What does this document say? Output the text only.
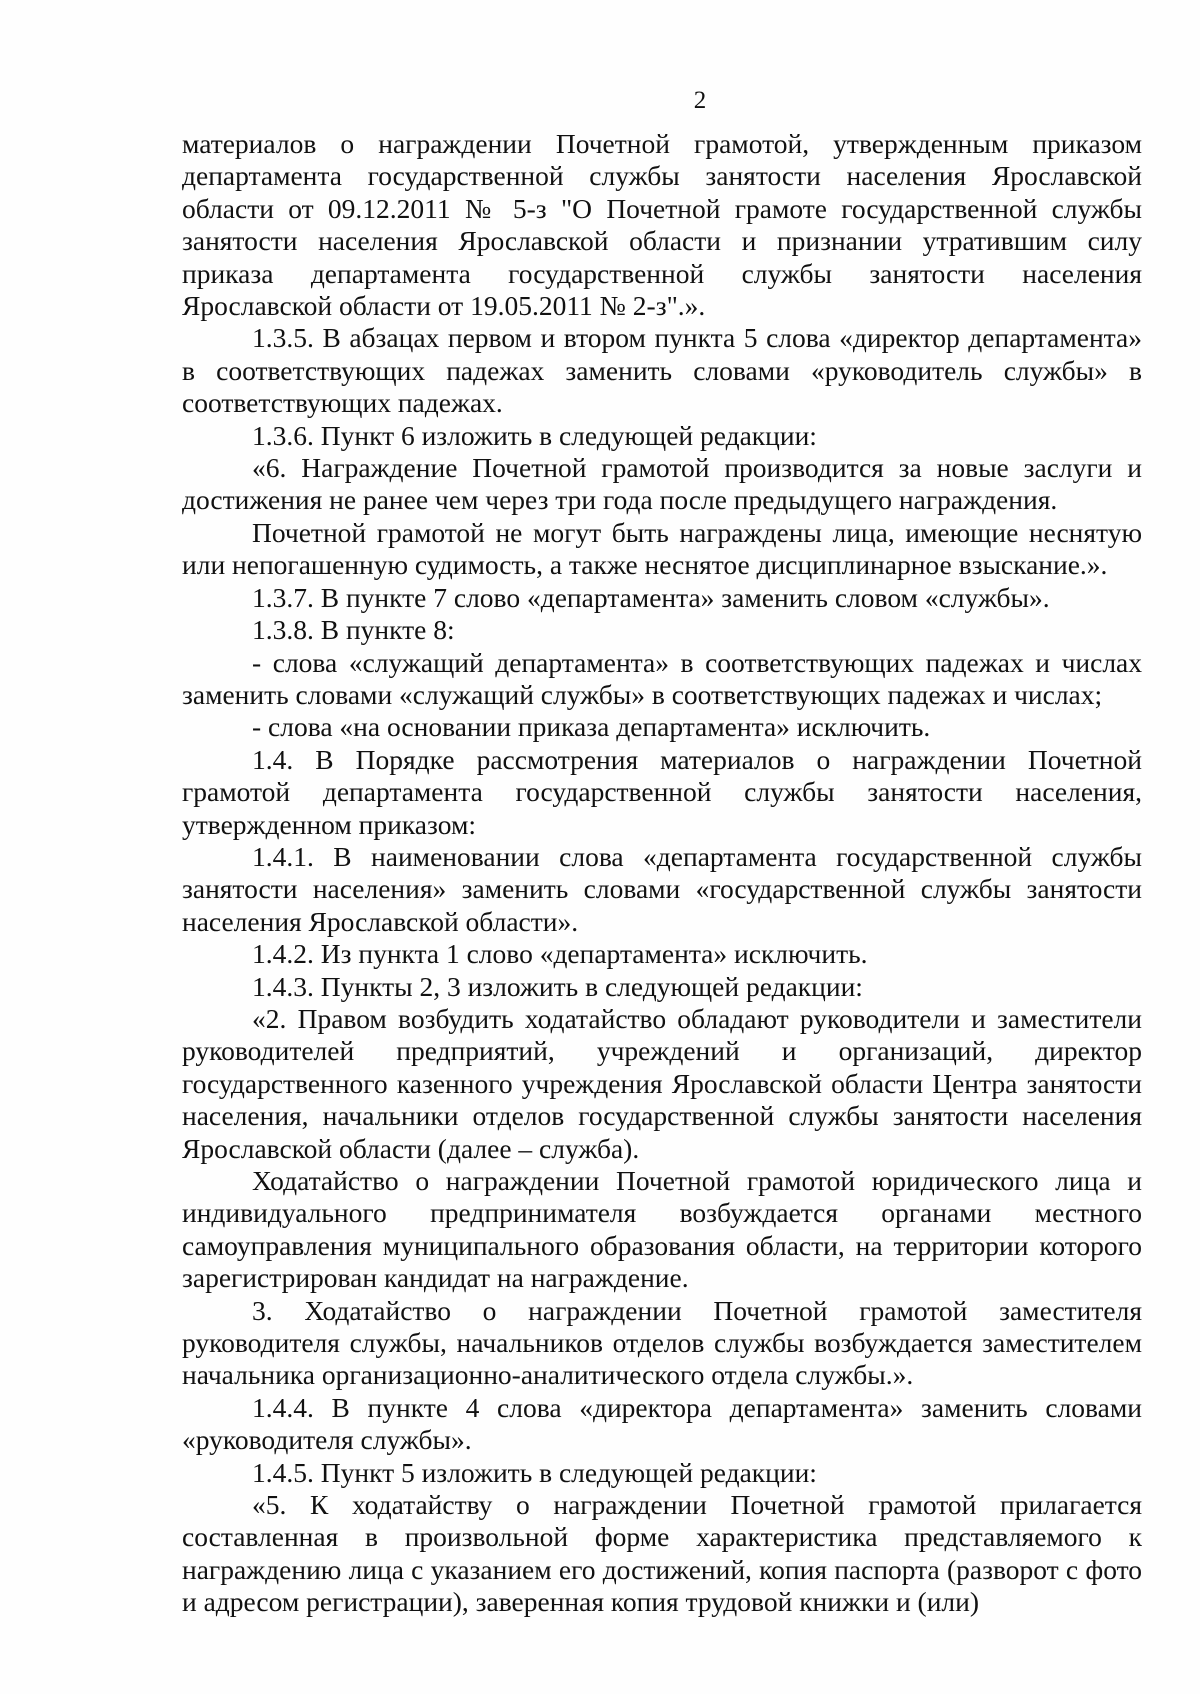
2

материалов о награждении Почетной грамотой, утвержденным приказом департамента государственной службы занятости населения Ярославской области от 09.12.2011 № 5-з "О Почетной грамоте государственной службы занятости населения Ярославской области и признании утратившим силу приказа департамента государственной службы занятости населения Ярославской области от 19.05.2011 № 2-з".».

1.3.5. В абзацах первом и втором пункта 5 слова «директор департамента» в соответствующих падежах заменить словами «руководитель службы» в соответствующих падежах.

1.3.6. Пункт 6 изложить в следующей редакции:

«6. Награждение Почетной грамотой производится за новые заслуги и достижения не ранее чем через три года после предыдущего награждения.

Почетной грамотой не могут быть награждены лица, имеющие неснятую или непогашенную судимость, а также неснятое дисциплинарное взыскание.».

1.3.7. В пункте 7 слово «департамента» заменить словом «службы».

1.3.8. В пункте 8:

- слова «служащий департамента» в соответствующих падежах и числах заменить словами «служащий службы» в соответствующих падежах и числах;

- слова «на основании приказа департамента» исключить.

1.4. В Порядке рассмотрения материалов о награждении Почетной грамотой департамента государственной службы занятости населения, утвержденном приказом:

1.4.1. В наименовании слова «департамента государственной службы занятости населения» заменить словами «государственной службы занятости населения Ярославской области».

1.4.2. Из пункта 1 слово «департамента» исключить.

1.4.3. Пункты 2, 3 изложить в следующей редакции:

«2. Правом возбудить ходатайство обладают руководители и заместители руководителей предприятий, учреждений и организаций, директор государственного казенного учреждения Ярославской области Центра занятости населения, начальники отделов государственной службы занятости населения Ярославской области (далее – служба).

Ходатайство о награждении Почетной грамотой юридического лица и индивидуального предпринимателя возбуждается органами местного самоуправления муниципального образования области, на территории которого зарегистрирован кандидат на награждение.

3. Ходатайство о награждении Почетной грамотой заместителя руководителя службы, начальников отделов службы возбуждается заместителем начальника организационно-аналитического отдела службы.».

1.4.4. В пункте 4 слова «директора департамента» заменить словами «руководителя службы».

1.4.5. Пункт 5 изложить в следующей редакции:

«5. К ходатайству о награждении Почетной грамотой прилагается составленная в произвольной форме характеристика представляемого к награждению лица с указанием его достижений, копия паспорта (разворот с фото и адресом регистрации), заверенная копия трудовой книжки и (или)
